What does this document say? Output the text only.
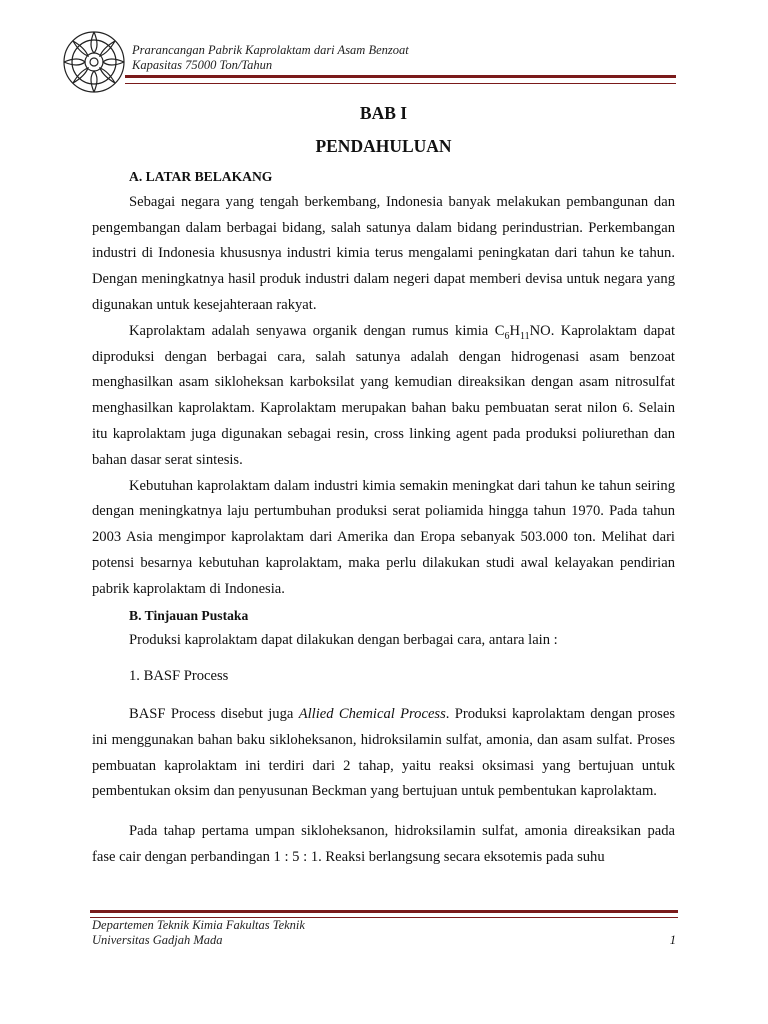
Prarancangan Pabrik Kaprolaktam dari Asam Benzoat
Kapasitas 75000 Ton/Tahun
BAB I
PENDAHULUAN
A. LATAR BELAKANG

Sebagai negara yang tengah berkembang, Indonesia banyak melakukan pembangunan dan pengembangan dalam berbagai bidang, salah satunya dalam bidang perindustrian. Perkembangan industri di Indonesia khususnya industri kimia terus mengalami peningkatan dari tahun ke tahun. Dengan meningkatnya hasil produk industri dalam negeri dapat memberi devisa untuk negara yang digunakan untuk kesejahteraan rakyat.

Kaprolaktam adalah senyawa organik dengan rumus kimia $C_6H_{11}NO$. Kaprolaktam dapat diproduksi dengan berbagai cara, salah satunya adalah dengan hidrogenasi asam benzoat menghasilkan asam sikloheksan karboksilat yang kemudian direaksikan dengan asam nitrosulfat menghasilkan kaprolaktam. Kaprolaktam merupakan bahan baku pembuatan serat nilon 6. Selain itu kaprolaktam juga digunakan sebagai resin, cross linking agent pada produksi poliurethan dan bahan dasar serat sintesis.

Kebutuhan kaprolaktam dalam industri kimia semakin meningkat dari tahun ke tahun seiring dengan meningkatnya laju pertumbuhan produksi serat poliamida hingga tahun 1970. Pada tahun 2003 Asia mengimpor kaprolaktam dari Amerika dan Eropa sebanyak 503.000 ton. Melihat dari potensi besarnya kebutuhan kaprolaktam, maka perlu dilakukan studi awal kelayakan pendirian pabrik kaprolaktam di Indonesia.

B. Tinjauan Pustaka

Produksi kaprolaktam dapat dilakukan dengan berbagai cara, antara lain :

1. BASF Process

BASF Process disebut juga Allied Chemical Process. Produksi kaprolaktam dengan proses ini menggunakan bahan baku sikloheksanon, hidroksilamin sulfat, amonia, dan asam sulfat. Proses pembuatan kaprolaktam ini terdiri dari 2 tahap, yaitu reaksi oksimasi yang bertujuan untuk pembentukan oksim dan penyusunan Beckman yang bertujuan untuk pembentukan kaprolaktam.

Pada tahap pertama umpan sikloheksanon, hidroksilamin sulfat, amonia direaksikan pada fase cair dengan perbandingan 1 : 5 : 1. Reaksi berlangsung secara eksotemis pada suhu

Departemen Teknik Kimia Fakultas Teknik
Universitas Gadjah Mada	1
